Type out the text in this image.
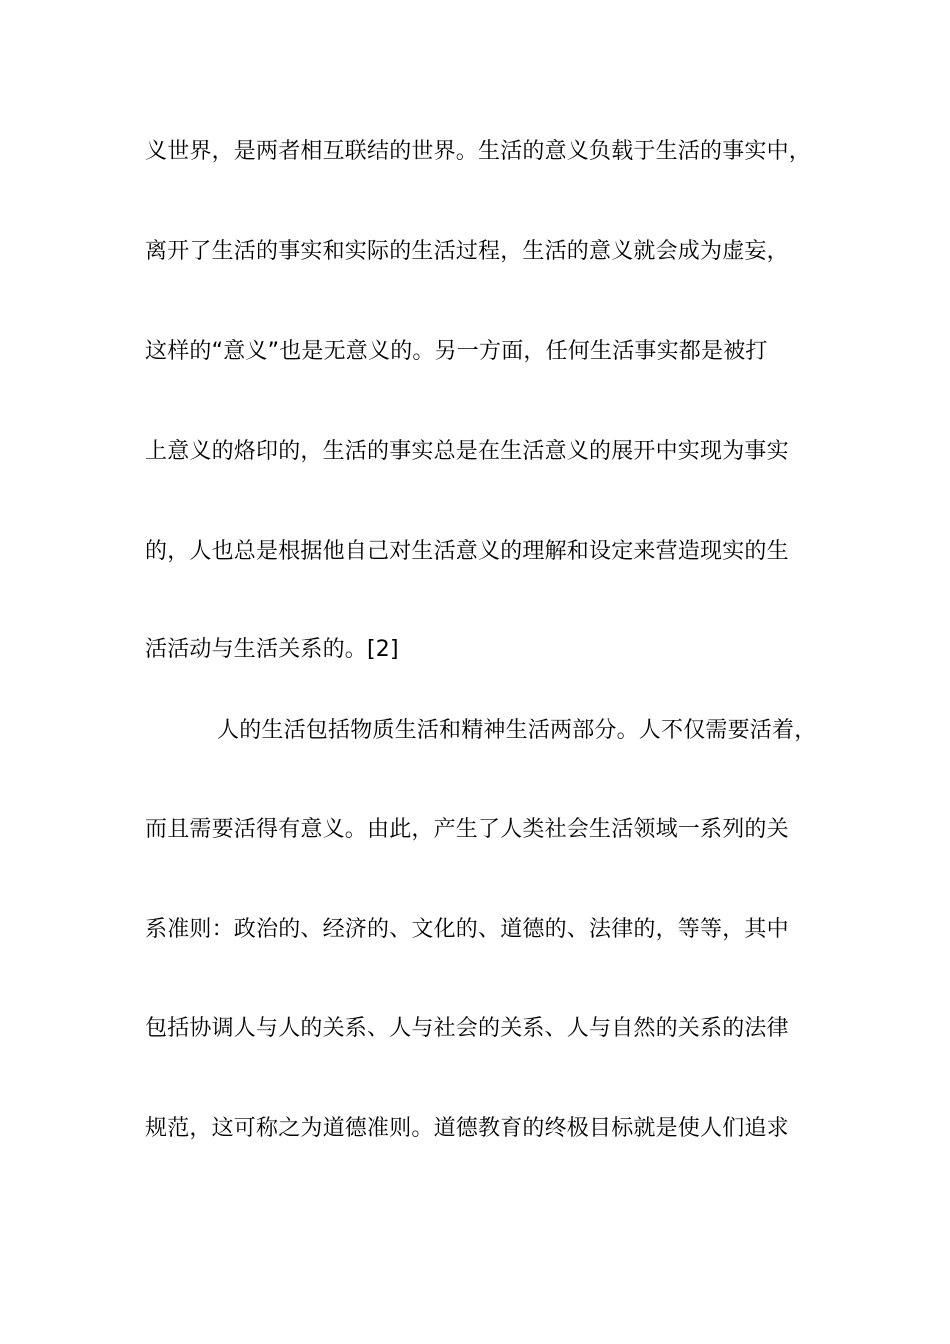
义世界，是两者相互联结的世界。生活的意义负载于生活的事实中，
离开了生活的事实和实际的生活过程，生活的意义就会成为虚妄，
这样的“意义”也是无意义的。另一方面，任何生活事实都是被打
上意义的烙印的，生活的事实总是在生活意义的展开中实现为事实
的，人也总是根据他自己对生活意义的理解和设定来营造现实的生
活活动与生活关系的。[2]
人的生活包括物质生活和精神生活两部分。人不仅需要活着，
而且需要活得有意义。由此，产生了人类社会生活领域一系列的关
系准则：政治的、经济的、文化的、道德的、法律的，等等，其中
包括协调人与人的关系、人与社会的关系、人与自然的关系的法律
规范，这可称之为道德准则。道德教育的终极目标就是使人们追求
